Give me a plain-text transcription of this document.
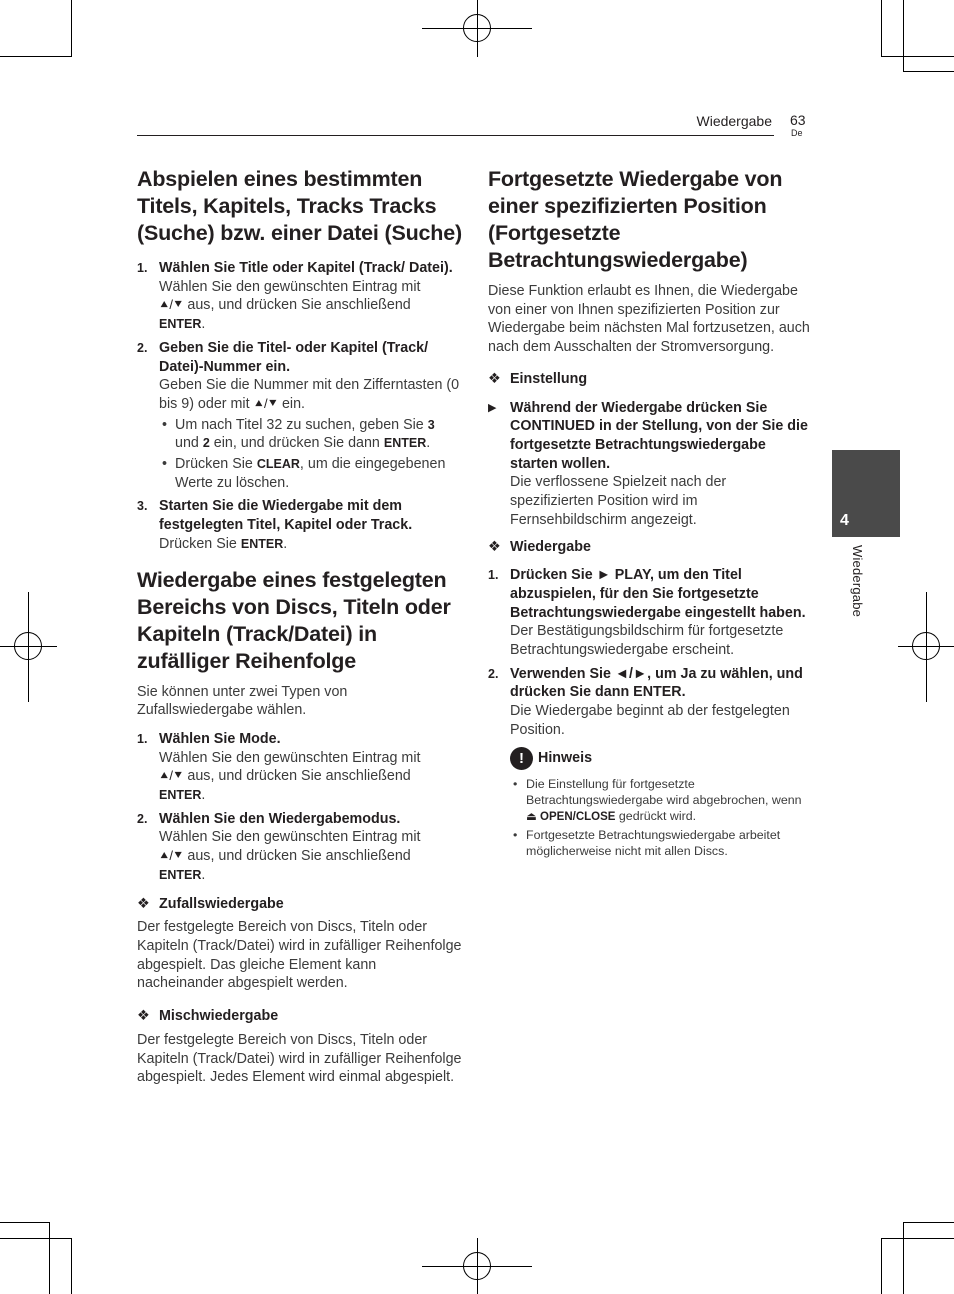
Wiedergabe 63
De
4
Wiedergabe
Abspielen eines bestimmten Titels, Kapitels, Tracks Tracks (Suche) bzw. einer Datei (Suche)
1. Wählen Sie Title oder Kapitel (Track/ Datei).
Wählen Sie den gewünschten Eintrag mit
⯅/⯆ aus, und drücken Sie anschließend
ENTER.
2. Geben Sie die Titel- oder Kapitel (Track/ Datei)-Nummer ein.
Geben Sie die Nummer mit den Zifferntasten (0 bis 9) oder mit ⯅/⯆ ein.
• Um nach Titel 32 zu suchen, geben Sie 3 und 2 ein, und drücken Sie dann ENTER.
• Drücken Sie CLEAR, um die eingegebenen Werte zu löschen.
3. Starten Sie die Wiedergabe mit dem festgelegten Titel, Kapitel oder Track.
Drücken Sie ENTER.
Wiedergabe eines festgelegten Bereichs von Discs, Titeln oder Kapiteln (Track/Datei) in zufälliger Reihenfolge

Sie können unter zwei Typen von Zufallswiedergabe wählen.

1. Wählen Sie Mode.
Wählen Sie den gewünschten Eintrag mit
⯅/⯆ aus, und drücken Sie anschließend
ENTER.
2. Wählen Sie den Wiedergabemodus.
Wählen Sie den gewünschten Eintrag mit
⯅/⯆ aus, und drücken Sie anschließend
ENTER.
❖ Zufallswiedergabe

Der festgelegte Bereich von Discs, Titeln oder Kapiteln (Track/Datei) wird in zufälliger Reihenfolge abgespielt. Das gleiche Element kann nacheinander abgespielt werden.

❖ Mischwiedergabe

Der festgelegte Bereich von Discs, Titeln oder Kapiteln (Track/Datei) wird in zufälliger Reihenfolge abgespielt. Jedes Element wird einmal abgespielt.

Fortgesetzte Wiedergabe von einer spezifizierten Position (Fortgesetzte Betrachtungswiedergabe)

Diese Funktion erlaubt es Ihnen, die Wiedergabe von einer von Ihnen spezifizierten Position zur Wiedergabe beim nächsten Mal fortzusetzen, auch nach dem Ausschalten der Stromversorgung.

❖ Einstellung
▶ Während der Wiedergabe drücken Sie CONTINUED in der Stellung, von der Sie die fortgesetzte Betrachtungswiedergabe starten wollen.
Die verflossene Spielzeit nach der spezifizierten Position wird im Fernsehbildschirm angezeigt.
❖ Wiedergabe
1. Drücken Sie ► PLAY, um den Titel abzuspielen, für den Sie fortgesetzte Betrachtungswiedergabe eingestellt haben.
Der Bestätigungsbildschirm für fortgesetzte Betrachtungswiedergabe erscheint.
2. Verwenden Sie ◄/►, um Ja zu wählen, und drücken Sie dann ENTER.
Die Wiedergabe beginnt ab der festgelegten Position.
! Hinweis
• Die Einstellung für fortgesetzte Betrachtungswiedergabe wird abgebrochen, wenn ⏏ OPEN/CLOSE gedrückt wird.
• Fortgesetzte Betrachtungswiedergabe arbeitet möglicherweise nicht mit allen Discs.
